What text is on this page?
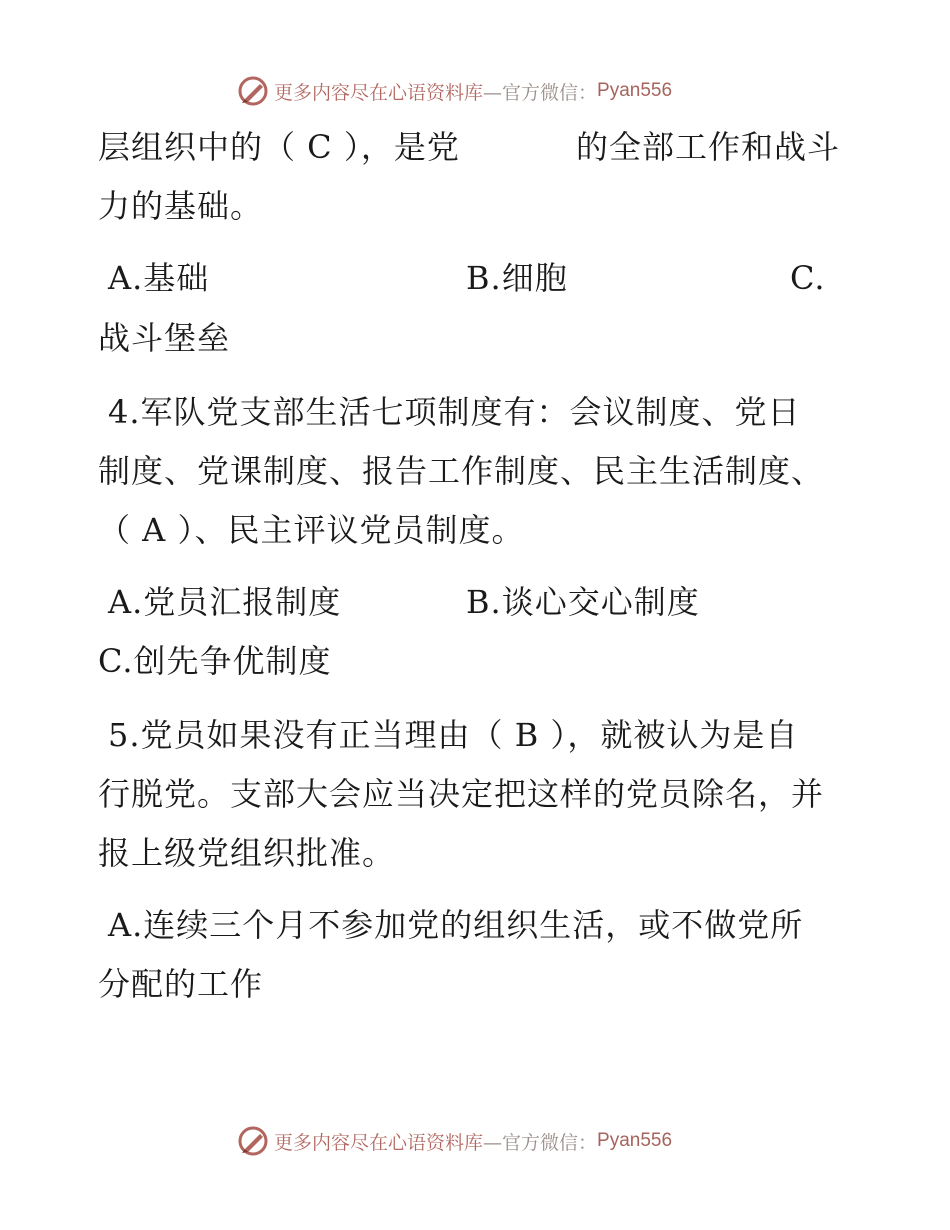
更多内容尽在心语资料库 —官方微信： Pyan556
层组织中的（ C ），是党	的全部工作和战斗
力的基础。
A.基础	B.细胞	C.
战斗堡垒
4.军队党支部生活七项制度有：会议制度、党日
制度、党课制度、报告工作制度、民主生活制度、
（ A ）、民主评议党员制度。
A.党员汇报制度	B.谈心交心制度
C.创先争优制度
5.党员如果没有正当理由（ B ），就被认为是自
行脱党。支部大会应当决定把这样的党员除名，并
报上级党组织批准。
A.连续三个月不参加党的组织生活，或不做党所
分配的工作
更多内容尽在心语资料库 —官方微信： Pyan556
